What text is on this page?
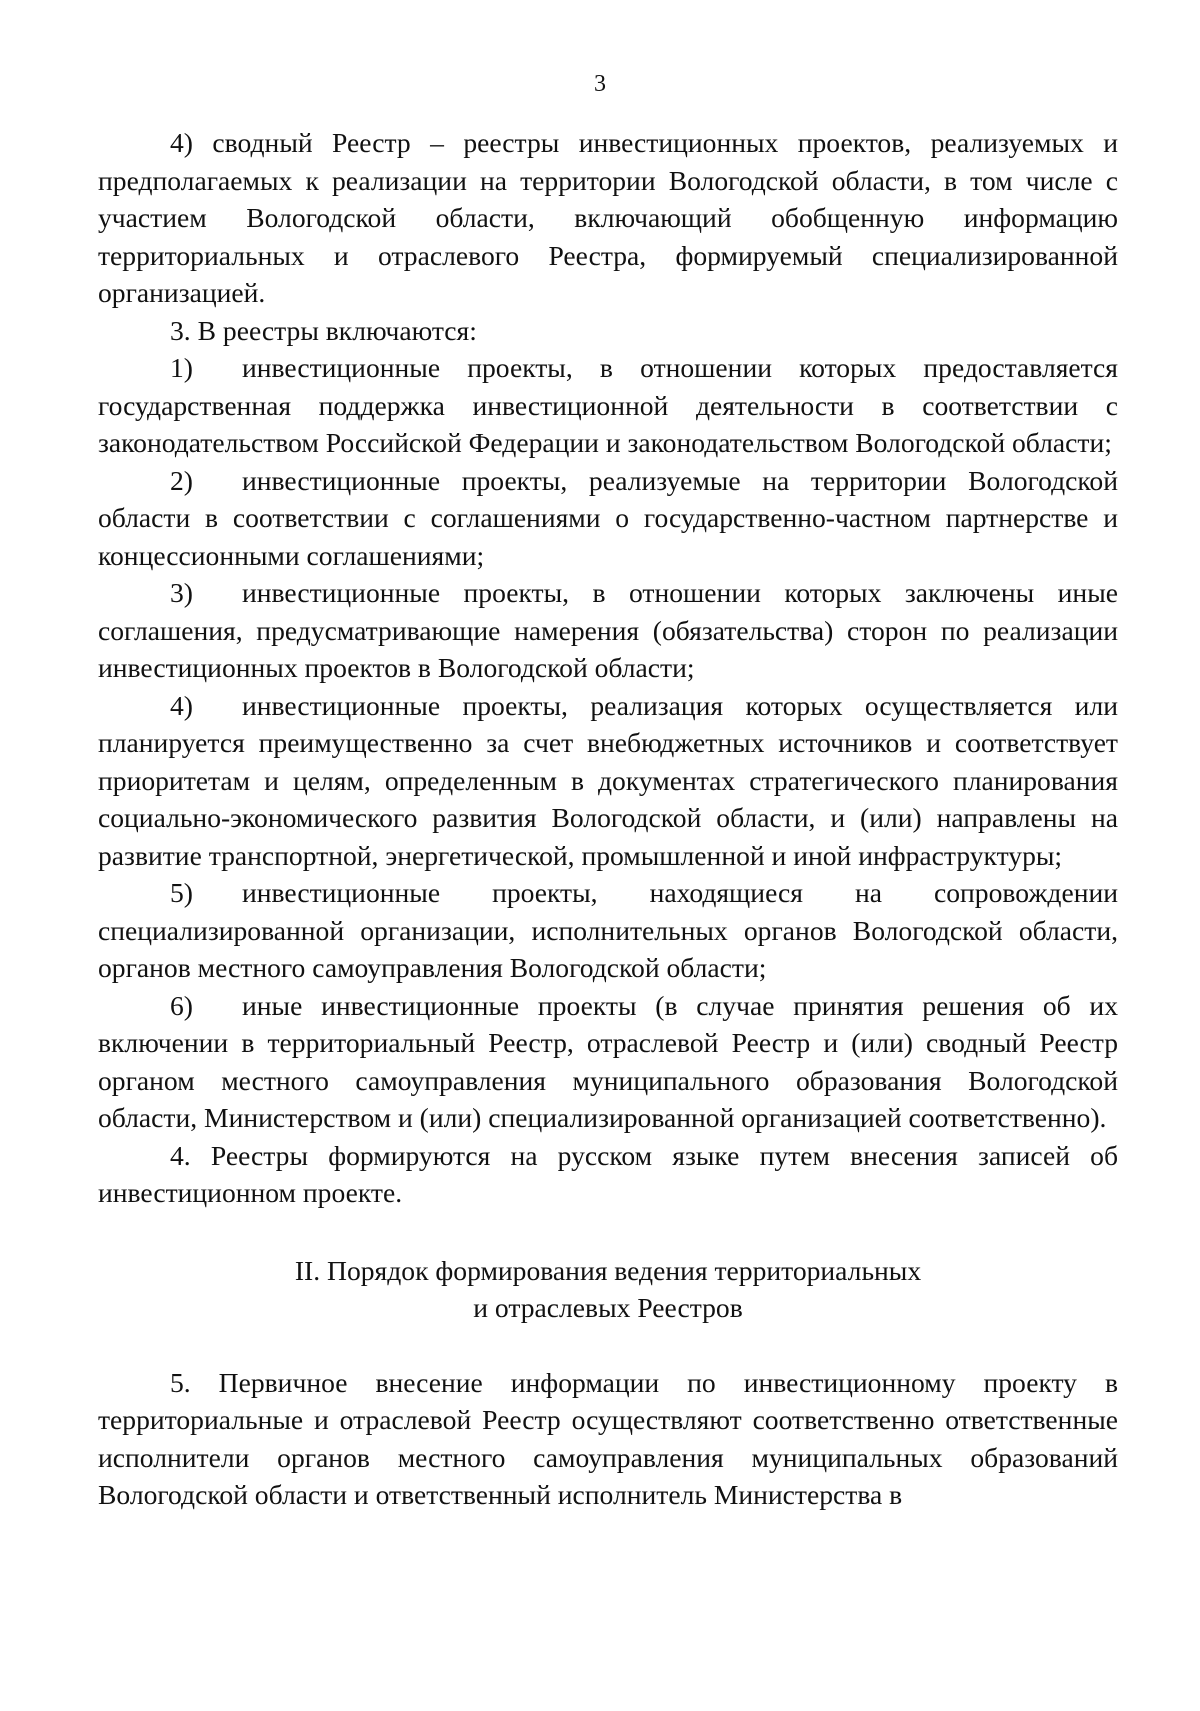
3

4) сводный Реестр – реестры инвестиционных проектов, реализуемых и предполагаемых к реализации на территории Вологодской области, в том числе с участием Вологодской области, включающий обобщенную информацию территориальных и отраслевого Реестра, формируемый специализированной организацией.

3. В реестры включаются:

1) инвестиционные проекты, в отношении которых предоставляется государственная поддержка инвестиционной деятельности в соответствии с законодательством Российской Федерации и законодательством Вологодской области;

2) инвестиционные проекты, реализуемые на территории Вологодской области в соответствии с соглашениями о государственно-частном партнерстве и концессионными соглашениями;

3) инвестиционные проекты, в отношении которых заключены иные соглашения, предусматривающие намерения (обязательства) сторон по реализации инвестиционных проектов в Вологодской области;

4) инвестиционные проекты, реализация которых осуществляется или планируется преимущественно за счет внебюджетных источников и соответствует приоритетам и целям, определенным в документах стратегического планирования социально-экономического развития Вологодской области, и (или) направлены на развитие транспортной, энергетической, промышленной и иной инфраструктуры;

5) инвестиционные проекты, находящиеся на сопровождении специализированной организации, исполнительных органов Вологодской области, органов местного самоуправления Вологодской области;

6) иные инвестиционные проекты (в случае принятия решения об их включении в территориальный Реестр, отраслевой Реестр и (или) сводный Реестр органом местного самоуправления муниципального образования Вологодской области, Министерством и (или) специализированной организацией соответственно).

4. Реестры формируются на русском языке путем внесения записей об инвестиционном проекте.

II. Порядок формирования ведения территориальных
и отраслевых Реестров

5. Первичное внесение информации по инвестиционному проекту в территориальные и отраслевой Реестр осуществляют соответственно ответственные исполнители органов местного самоуправления муниципальных образований Вологодской области и ответственный исполнитель Министерства в
